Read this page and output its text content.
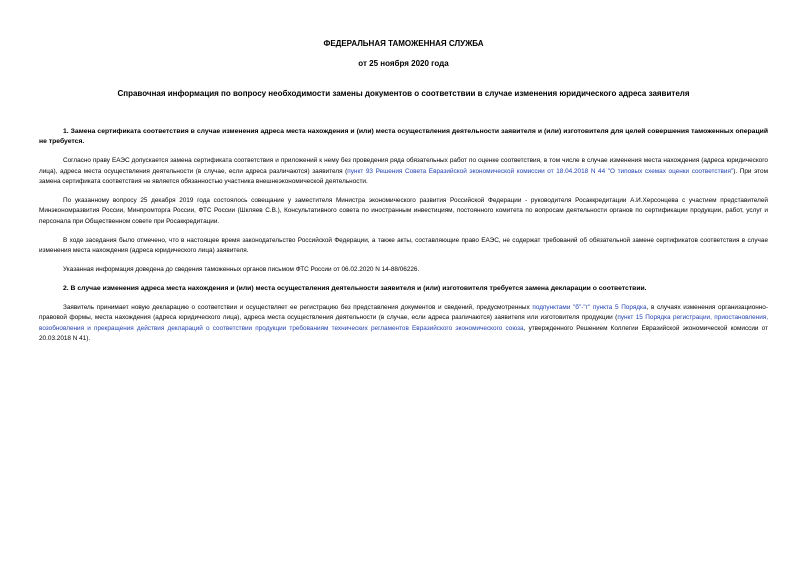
ФЕДЕРАЛЬНАЯ ТАМОЖЕННАЯ СЛУЖБА
от 25 ноября 2020 года
Справочная информация по вопросу необходимости замены документов о соответствии в случае изменения юридического адреса заявителя

1. Замена сертификата соответствия в случае изменения адреса места нахождения и (или) места осуществления деятельности заявителя и (или) изготовителя для целей совершения таможенных операций не требуется.

Согласно праву ЕАЭС допускается замена сертификата соответствия и приложений к нему без проведения ряда обязательных работ по оценке соответствия, в том числе в случае изменения места нахождения (адреса юридического лица), адреса места осуществления деятельности (в случае, если адреса различаются) заявителя (пункт 93 Решения Совета Евразийской экономической комиссии от 18.04.2018 N 44 "О типовых схемах оценки соответствия"). При этом замена сертификата соответствия не является обязанностью участника внешнеэкономической деятельности.

По указанному вопросу 25 декабря 2019 года состоялось совещание у заместителя Министра экономического развития Российской Федерации - руководителя Росаккредитации А.И.Херсонцева с участием представителей Минэкономразвития России, Минпромторга России, ФТС России (Шкляев С.В.), Консультативного совета по иностранным инвестициям, постоянного комитета по вопросам деятельности органов по сертификации продукции, работ, услуг и персонала при Общественном совете при Росаккредитации.

В ходе заседания было отмечено, что в настоящее время законодательство Российской Федерации, а также акты, составляющие право ЕАЭС, не содержат требований об обязательной замене сертификатов соответствия в случае изменения места нахождения (адреса юридического лица) заявителя.

Указанная информация доведена до сведения таможенных органов письмом ФТС России от 06.02.2020 N 14-88/06226.

2. В случае изменения адреса места нахождения и (или) места осуществления деятельности заявителя и (или) изготовителя требуется замена декларации о соответствии.

Заявитель принимает новую декларацию о соответствии и осуществляет ее регистрацию без представления документов и сведений, предусмотренных подпунктами "б"-"г" пункта 5 Порядка, в случаях изменения организационно-правовой формы, места нахождения (адреса юридического лица), адреса места осуществления деятельности (в случае, если адреса различаются) заявителя или изготовителя продукции (пункт 15 Порядка регистрации, приостановления, возобновления и прекращения действия деклараций о соответствии продукции требованиям технических регламентов Евразийского экономического союза, утвержденного Решением Коллегии Евразийской экономической комиссии от 20.03.2018 N 41).
